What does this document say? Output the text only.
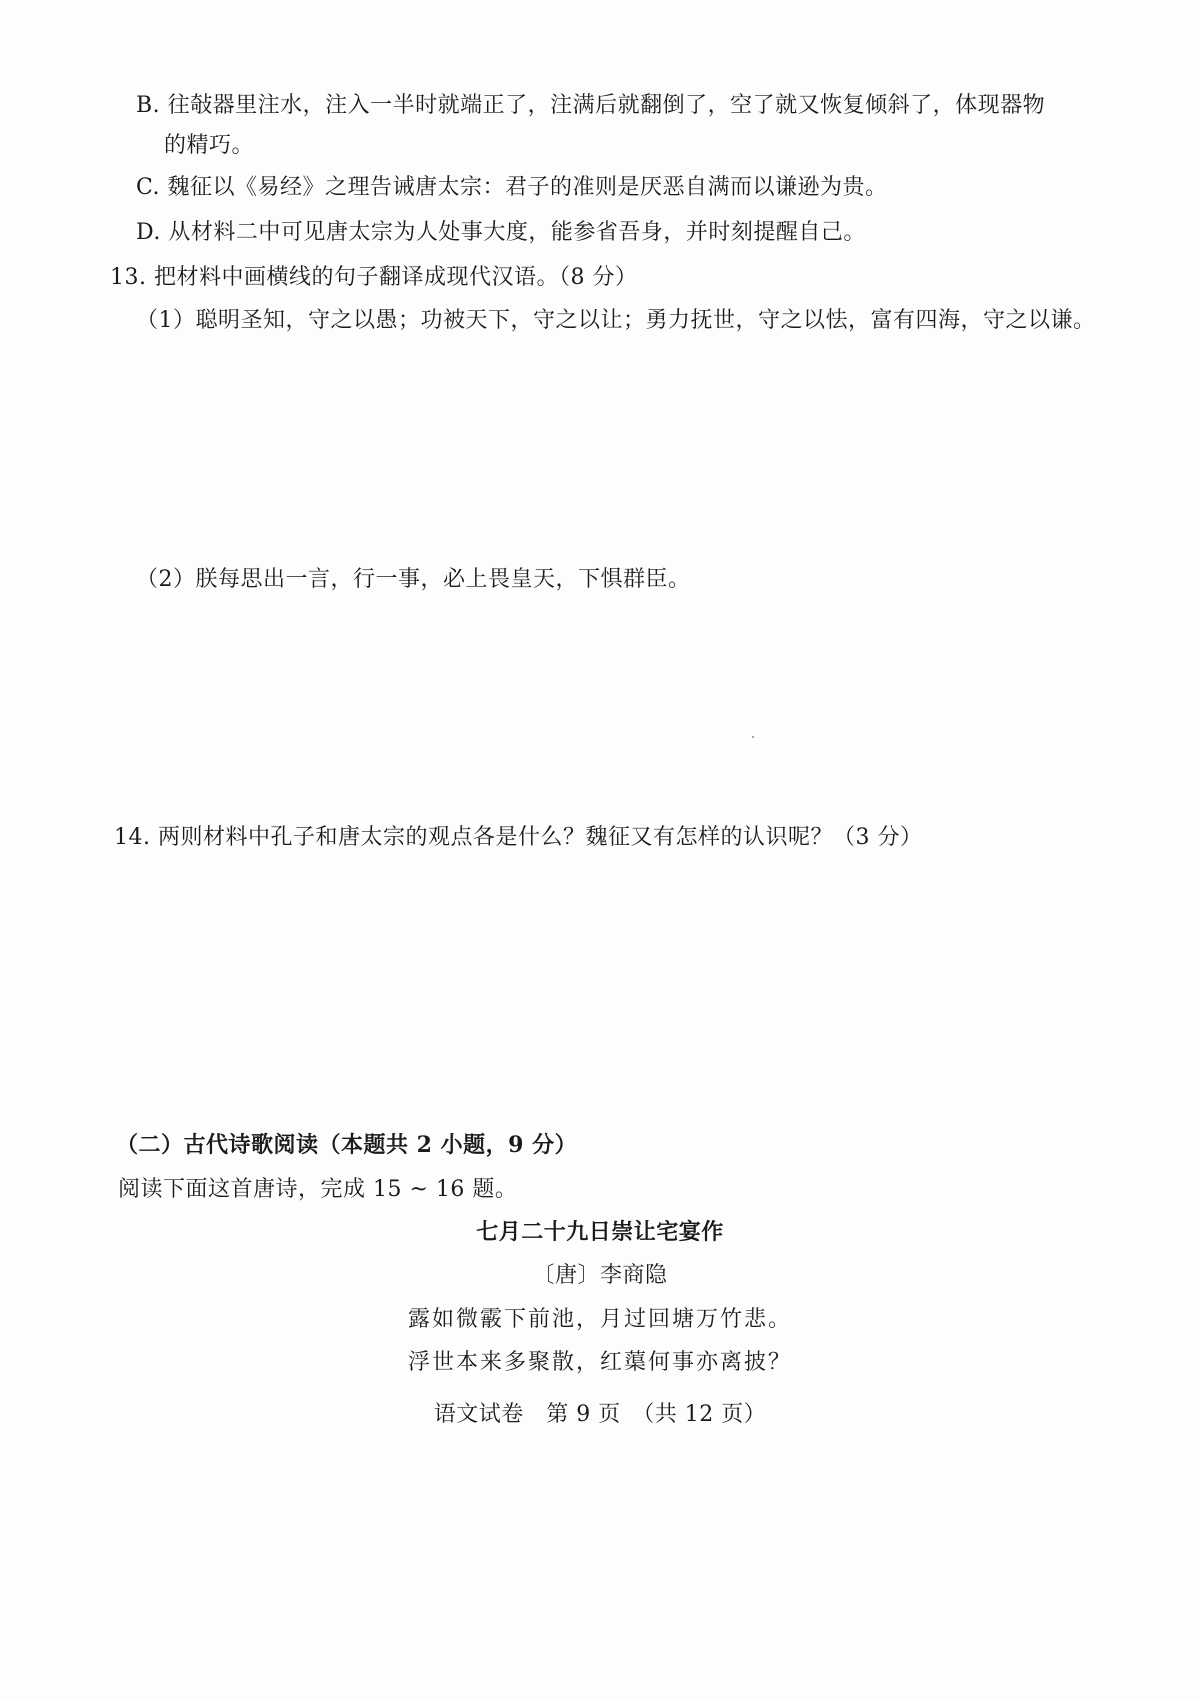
B. 往敧器里注水，注入一半时就端正了，注满后就翻倒了，空了就又恢复倾斜了，体现器物
的精巧。
C. 魏征以《易经》之理告诫唐太宗：君子的准则是厌恶自满而以谦逊为贵。
D. 从材料二中可见唐太宗为人处事大度，能参省吾身，并时刻提醒自己。
13. 把材料中画横线的句子翻译成现代汉语。（8 分）
（1）聪明圣知，守之以愚；功被天下，守之以让；勇力抚世，守之以怯，富有四海，守之以谦。
（2）朕每思出一言，行一事，必上畏皇天，下惧群臣。
14. 两则材料中孔子和唐太宗的观点各是什么？魏征又有怎样的认识呢？（3 分）
（二）古代诗歌阅读（本题共 2 小题，9 分）
阅读下面这首唐诗，完成 15 ~ 16 题。
七月二十九日崇让宅宴作
〔唐〕李商隐
露如微霰下前池，月过回塘万竹悲。
浮世本来多聚散，红蕖何事亦离披？
语文试卷　第 9 页　（共 12 页）
